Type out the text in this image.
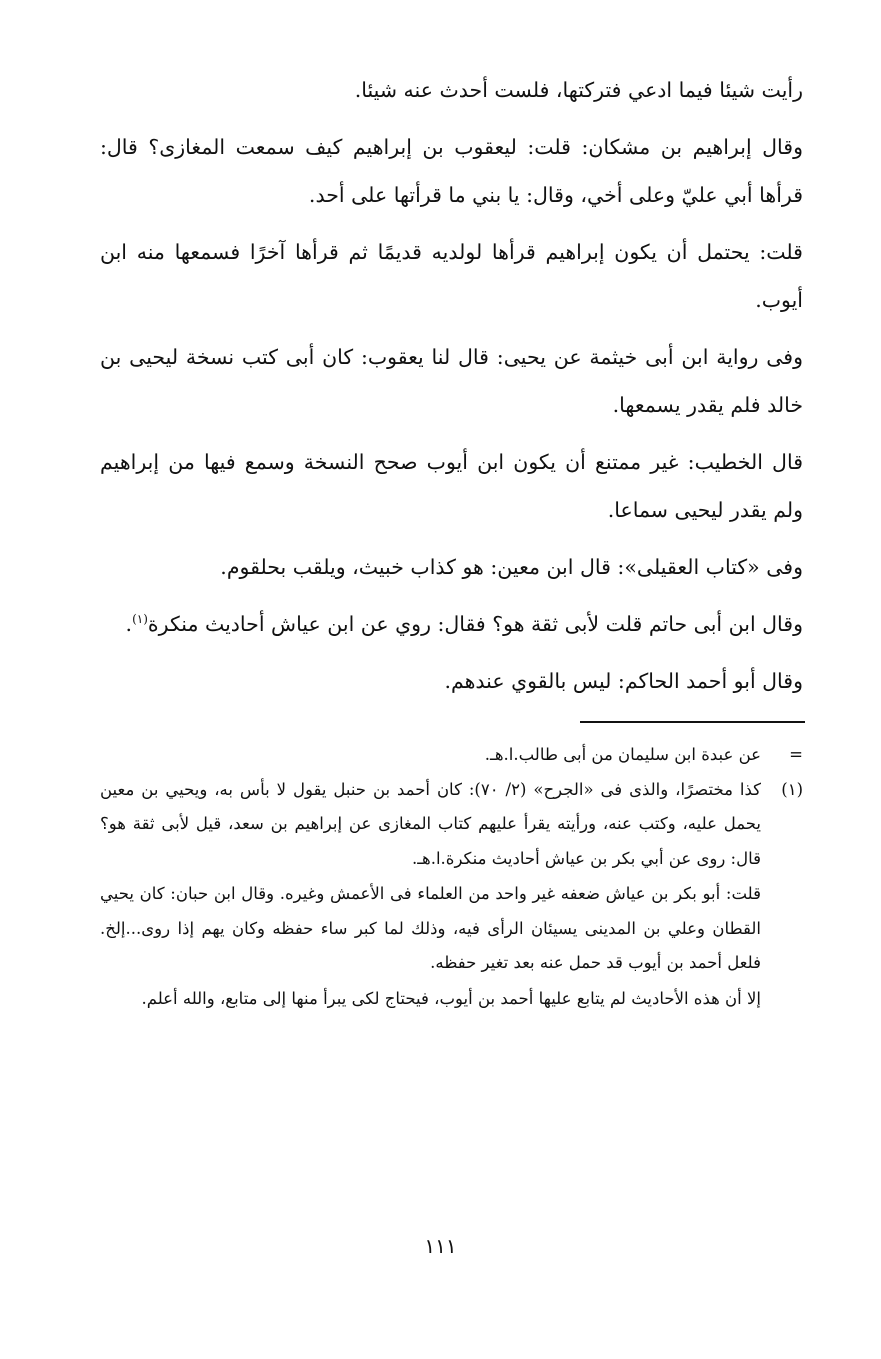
رأيت شيئا فيما ادعي فتركتها، فلست أحدث عنه شيئا.

وقال إبراهيم بن مشكان: قلت: ليعقوب بن إبراهيم كيف سمعت المغازى؟ قال: قرأها أبي عليّ وعلى أخي، وقال: يا بني ما قرأتها على أحد.

قلت: يحتمل أن يكون إبراهيم قرأها لولديه قديمًا ثم قرأها آخرًا فسمعها منه ابن أيوب.

وفى رواية ابن أبى خيثمة عن يحيى: قال لنا يعقوب: كان أبى كتب نسخة ليحيى بن خالد فلم يقدر يسمعها.

قال الخطيب: غير ممتنع أن يكون ابن أيوب صحح النسخة وسمع فيها من إبراهيم ولم يقدر ليحيى سماعا.

وفى «كتاب العقيلى»: قال ابن معين: هو كذاب خبيث، ويلقب بحلقوم.

وقال ابن أبى حاتم قلت لأبى ثقة هو؟ فقال: روي عن ابن عياش أحاديث منكرة$^{(١)}$.

وقال أبو أحمد الحاكم: ليس بالقوي عندهم.

=
عن عبدة ابن سليمان من أبى طالب.ا.هـ.

(١)
كذا مختصرًا، والذى فى «الجرح» (٢/ ٧٠): كان أحمد بن حنبل يقول لا بأس به، ويحيي بن معين يحمل عليه، وكتب عنه، ورأيته يقرأ عليهم كتاب المغازى عن إبراهيم بن سعد، قيل لأبى ثقة هو؟ قال: روى عن أبي بكر بن عياش أحاديث منكرة.ا.هـ.

قلت: أبو بكر بن عياش ضعفه غير واحد من العلماء فى الأعمش وغيره. وقال ابن حبان: كان يحيي القطان وعلي بن المدينى يسيئان الرأى فيه، وذلك لما كبر ساء حفظه وكان يهم إذا روى...إلخ. فلعل أحمد بن أيوب قد حمل عنه بعد تغير حفظه.

إلا أن هذه الأحاديث لم يتابع عليها أحمد بن أيوب، فيحتاج لكى يبرأ منها إلى متابع، والله أعلم.

١١١
